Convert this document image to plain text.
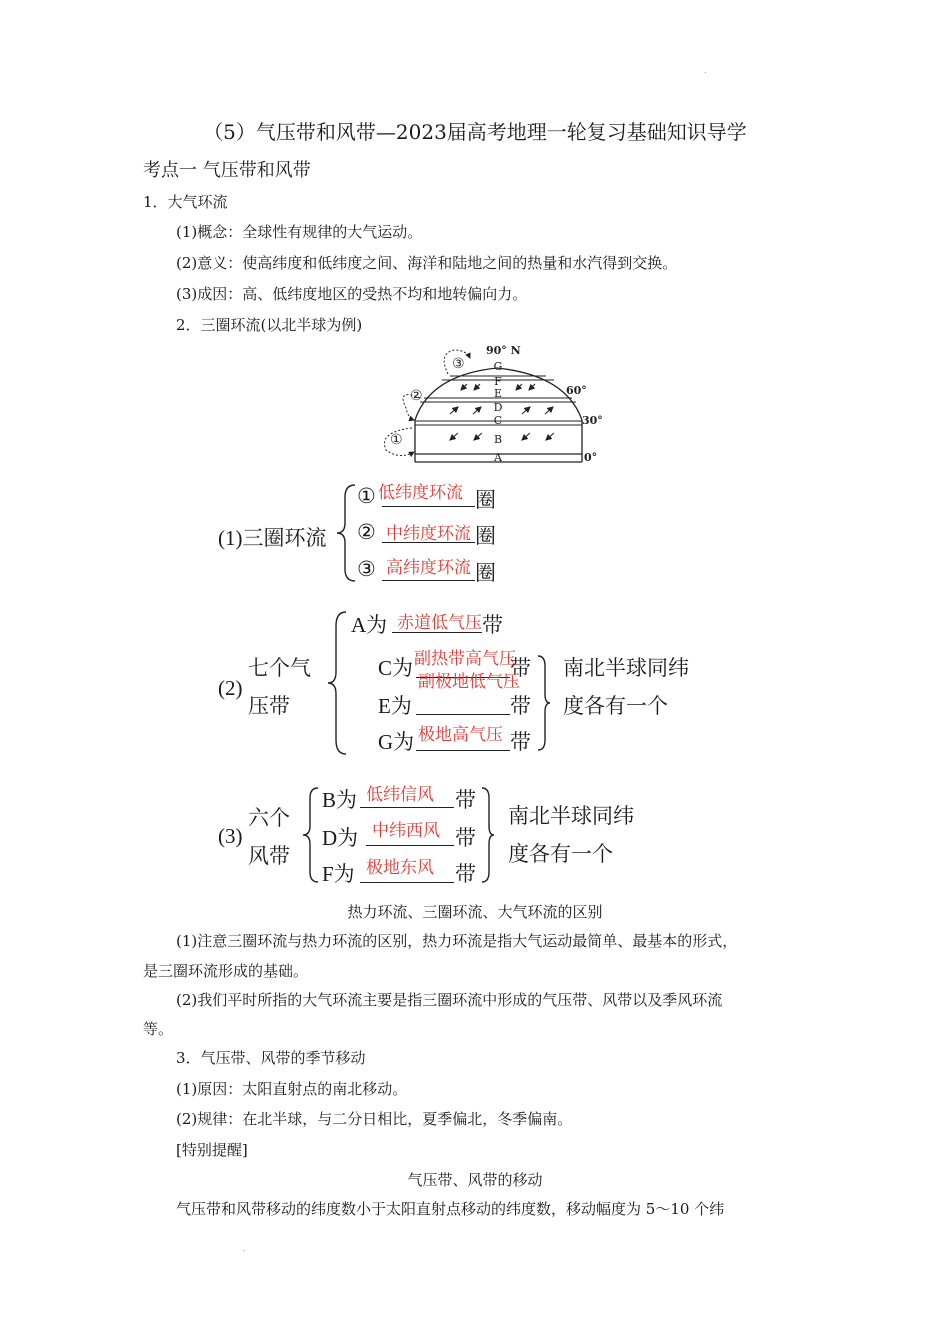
.
.
（5）气压带和风带—2023届高考地理一轮复习基础知识导学
考点一 气压带和风带
1．大气环流
(1)概念：全球性有规律的大气运动。
(2)意义：使高纬度和低纬度之间、海洋和陆地之间的热量和水汽得到交换。
(3)成因：高、低纬度地区的受热不均和地转偏向力。
2．三圈环流(以北半球为例)
A
B
C
D
E
F
G
90° N
60°
30°
0°
①
②
③
(1)三圈环流
① 低纬度环流 圈
② 中纬度环流 圈
③ 高纬度环流 圈
(2)
七个气
压带
A为 赤道低气压 带
C为 副热带高气压
带
E为
副极地低气压
带
G为 极地高气压 带
南北半球同纬
度各有一个
(3)
六个
风带
B为 低纬信风 带
D为 中纬西风 带
F为 极地东风 带
南北半球同纬
度各有一个
热力环流、三圈环流、大气环流的区别
(1)注意三圈环流与热力环流的区别，热力环流是指大气运动最简单、最基本的形式，
是三圈环流形成的基础。
(2)我们平时所指的大气环流主要是指三圈环流中形成的气压带、风带以及季风环流
等。
3．气压带、风带的季节移动
(1)原因：太阳直射点的南北移动。
(2)规律：在北半球，与二分日相比，夏季偏北，冬季偏南。
[特别提醒]
气压带、风带的移动
气压带和风带移动的纬度数小于太阳直射点移动的纬度数，移动幅度为 5～10 个纬
